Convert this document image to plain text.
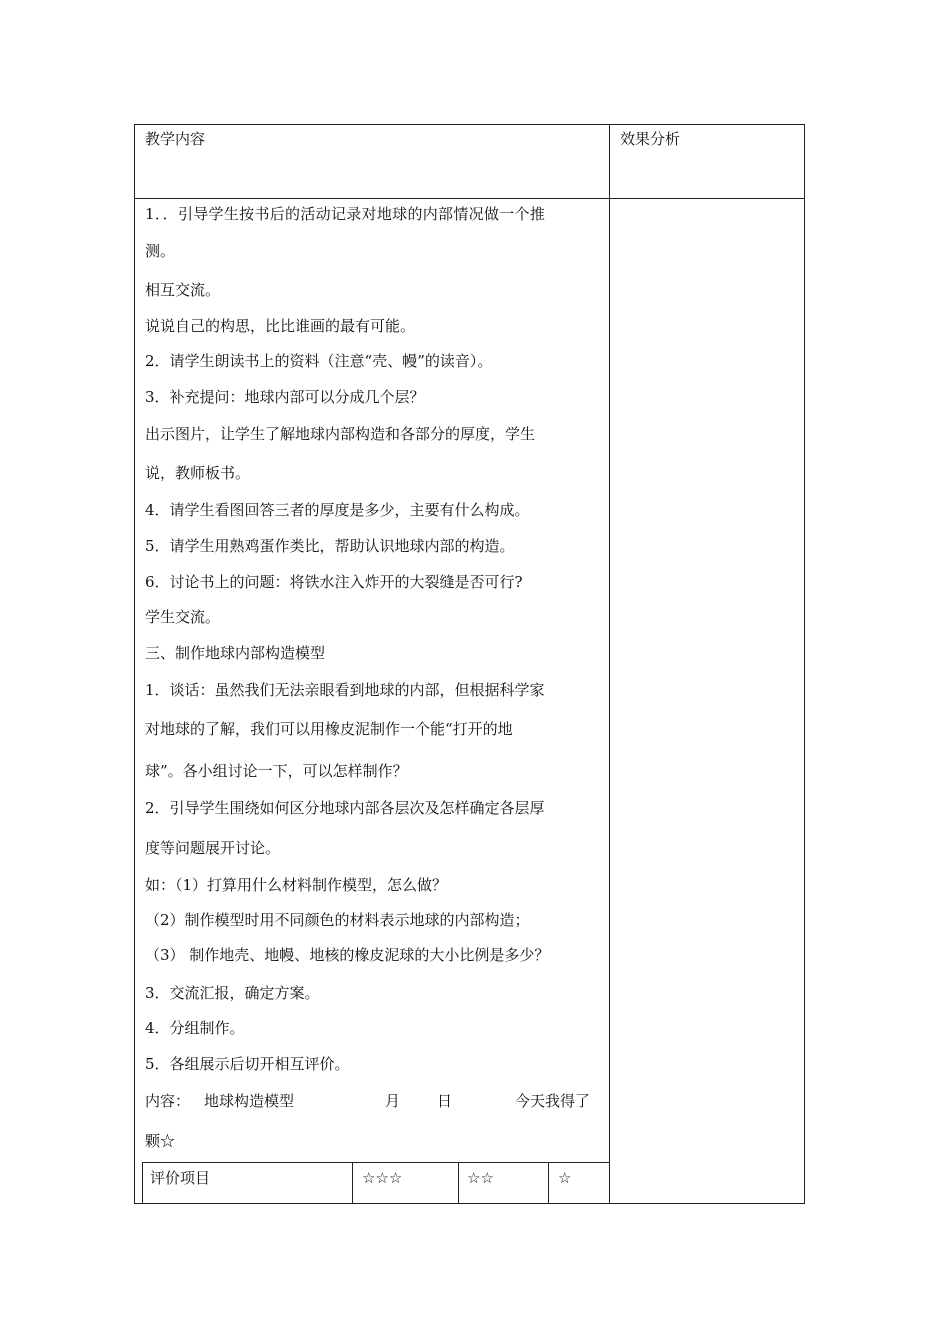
教学内容	效果分析
1．．引导学生按书后的活动记录对地球的内部情况做一个推
测。
相互交流。
说说自己的构思，比比谁画的最有可能。
2．请学生朗读书上的资料（注意“壳、幔”的读音）。
3．补充提问：地球内部可以分成几个层？
出示图片，让学生了解地球内部构造和各部分的厚度，学生
说，教师板书。
4．请学生看图回答三者的厚度是多少，主要有什么构成。
5．请学生用熟鸡蛋作类比，帮助认识地球内部的构造。
6．讨论书上的问题：将铁水注入炸开的大裂缝是否可行?
学生交流。
三、制作地球内部构造模型
1．谈话：虽然我们无法亲眼看到地球的内部，但根据科学家
对地球的了解，我们可以用橡皮泥制作一个能“打开的地
球”。各小组讨论一下，可以怎样制作？
2．引导学生围绕如何区分地球内部各层次及怎样确定各层厚
度等问题展开讨论。
如：（1）打算用什么材料制作模型，怎么做？
（2）制作模型时用不同颜色的材料表示地球的内部构造；
（3） 制作地壳、地幔、地核的橡皮泥球的大小比例是多少？
3．交流汇报，确定方案。
4．分组制作。
5．各组展示后切开相互评价。
内容： 地球构造模型	月 日	今天我得了
颗☆
评价项目	☆☆☆	☆☆	☆
